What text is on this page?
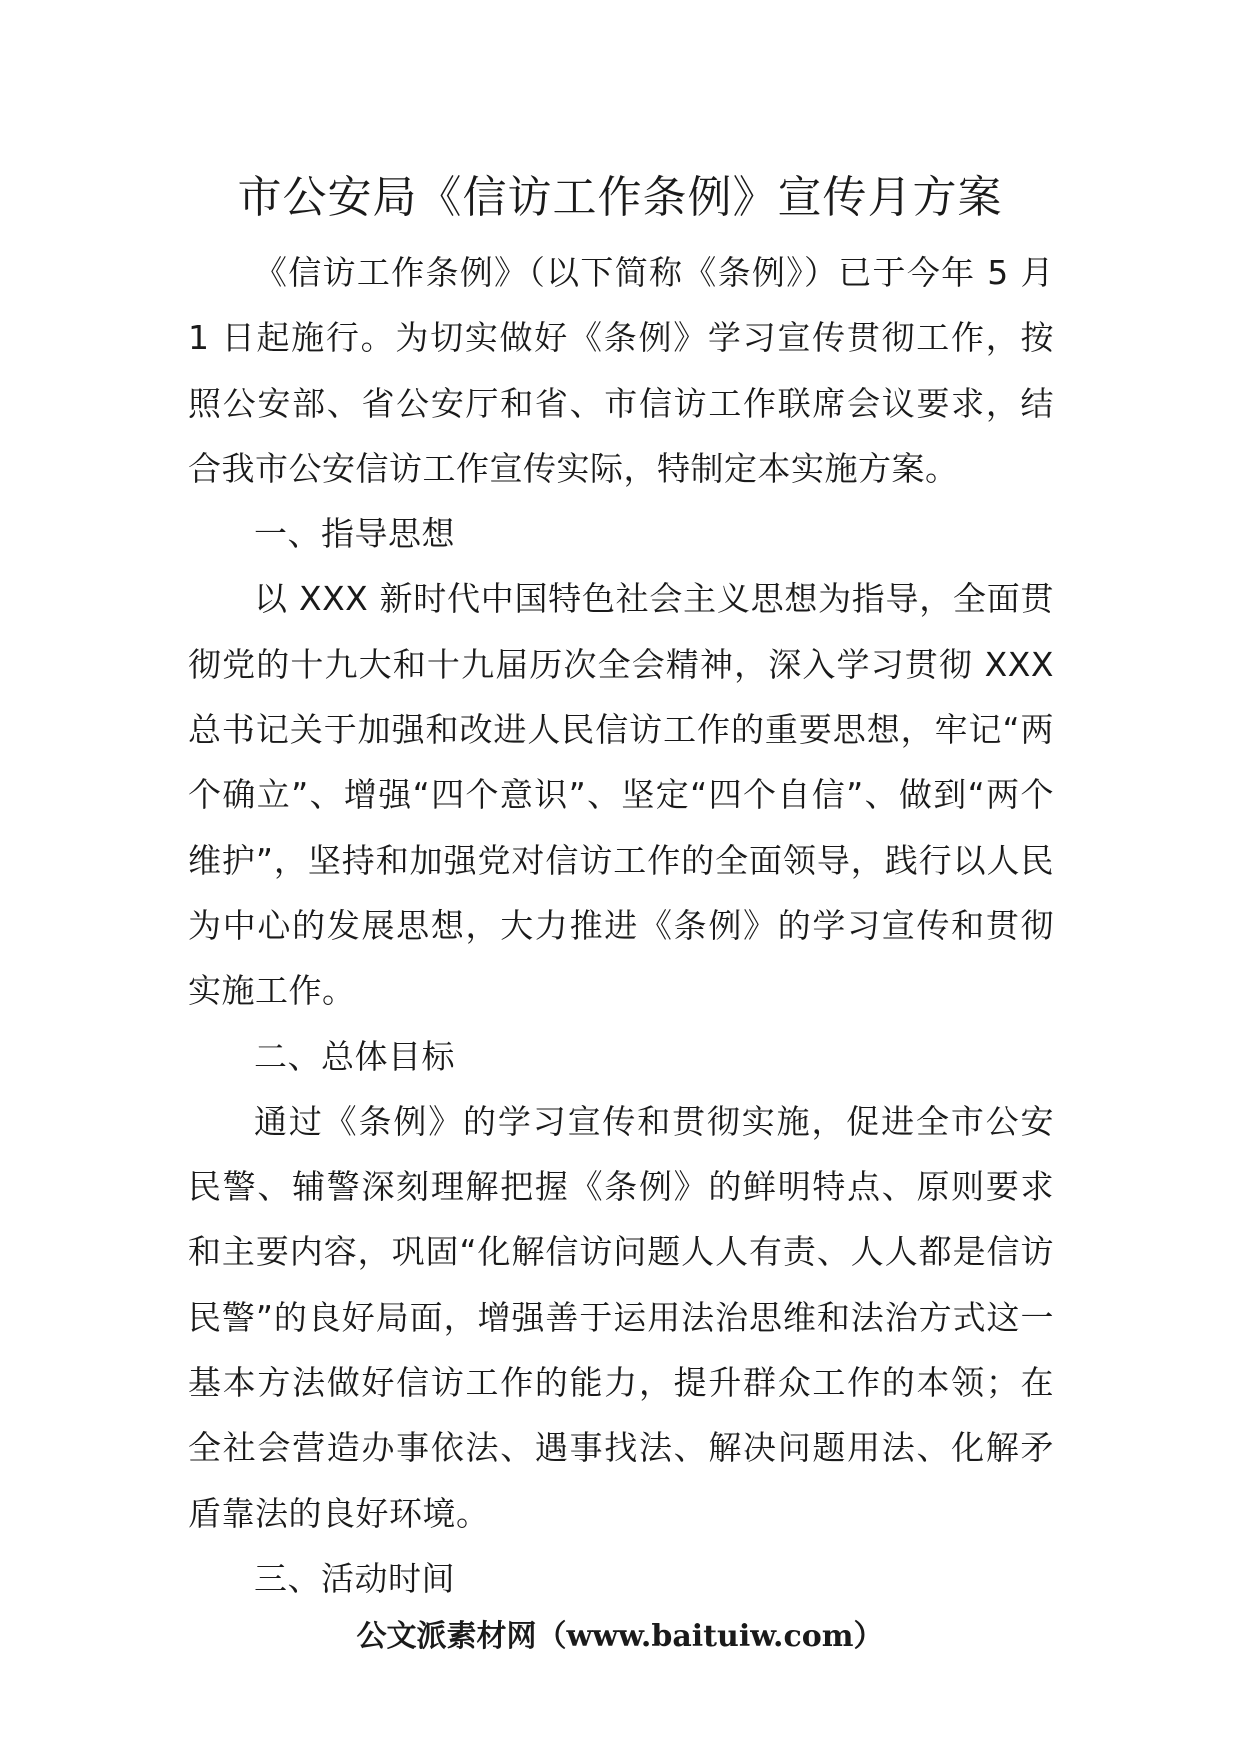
市公安局《信访工作条例》宣传月方案

《信访工作条例》（以下简称《条例》）已于今年 5 月 1 日起施行。为切实做好《条例》学习宣传贯彻工作，按照公安部、省公安厅和省、市信访工作联席会议要求，结合我市公安信访工作宣传实际，特制定本实施方案。

一、指导思想

以 XXX 新时代中国特色社会主义思想为指导，全面贯彻党的十九大和十九届历次全会精神，深入学习贯彻 XXX 总书记关于加强和改进人民信访工作的重要思想，牢记“两个确立”、增强“四个意识”、坚定“四个自信”、做到“两个维护”，坚持和加强党对信访工作的全面领导，践行以人民为中心的发展思想，大力推进《条例》的学习宣传和贯彻实施工作。

二、总体目标

通过《条例》的学习宣传和贯彻实施，促进全市公安民警、辅警深刻理解把握《条例》的鲜明特点、原则要求和主要内容，巩固“化解信访问题人人有责、人人都是信访民警”的良好局面，增强善于运用法治思维和法治方式这一基本方法做好信访工作的能力，提升群众工作的本领；在全社会营造办事依法、遇事找法、解决问题用法、化解矛盾靠法的良好环境。

三、活动时间

公文派素材网（www.baituiw.com）
